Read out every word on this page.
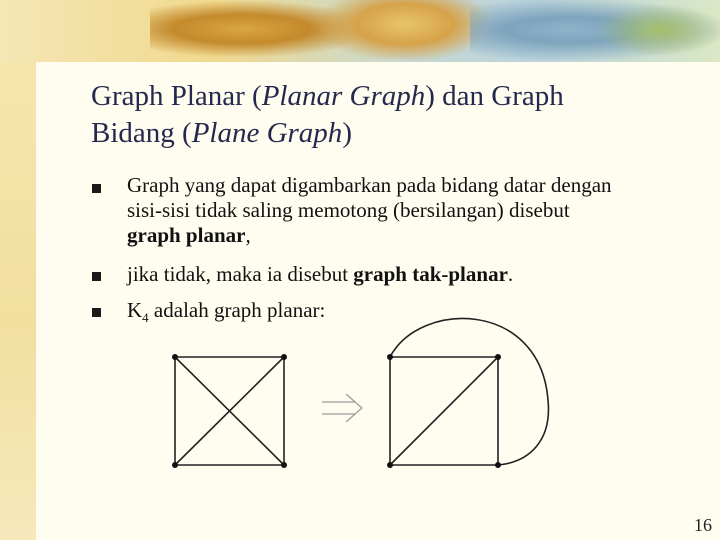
Graph Planar (Planar Graph) dan Graph
Bidang (Plane Graph)
Graph yang dapat digambarkan pada bidang datar dengan
sisi-sisi tidak saling memotong (bersilangan) disebut
graph planar,
jika tidak, maka ia disebut graph tak-planar.
$K_4$ adalah graph planar:
16
